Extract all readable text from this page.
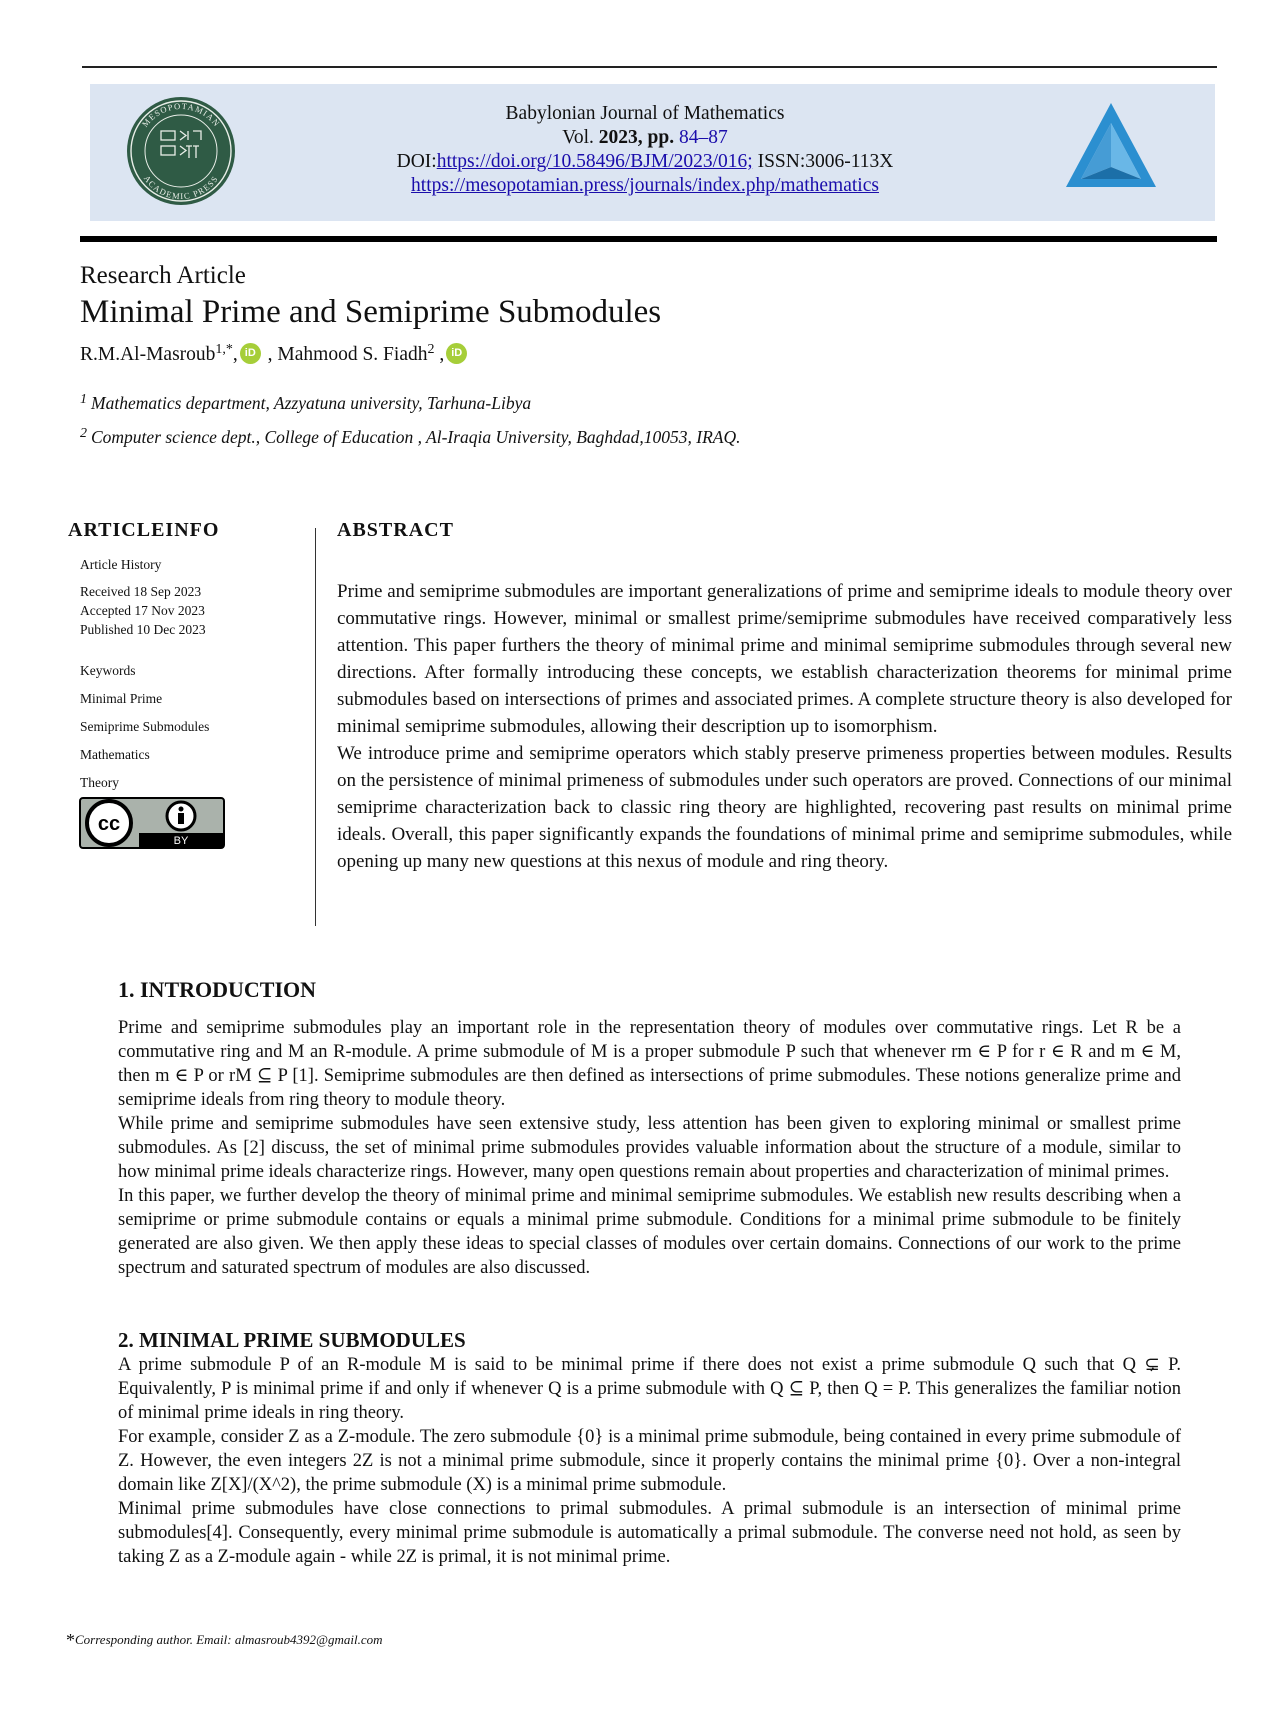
MESOPOTAMIAN
ACADEMIC PRESS
Babylonian Journal of Mathematics
Vol. 2023, pp. 84–87
DOI:https://doi.org/10.58496/BJM/2023/016; ISSN:3006-113X
https://mesopotamian.press/journals/index.php/mathematics
Research Article
Minimal Prime and Semiprime Submodules
R.M.Al-Masroub$^{1,*}$, iD , Mahmood S. Fiadh$^2$ , iD
$^1$ Mathematics department, Azzyatuna university, Tarhuna-Libya
$^2$ Computer science dept., College of Education , Al-Iraqia University, Baghdad,10053, IRAQ.
ARTICLEINFO
Article History
Received 18 Sep 2023
Accepted 17 Nov 2023
Published 10 Dec 2023
Keywords
Minimal Prime
Semiprime Submodules
Mathematics
Theory
cc
BY
ABSTRACT

Prime and semiprime submodules are important generalizations of prime and semiprime ideals to module theory over commutative rings. However, minimal or smallest prime/semiprime submodules have received comparatively less attention. This paper furthers the theory of minimal prime and minimal semiprime submodules through several new directions. After formally introducing these concepts, we establish characterization theorems for minimal prime submodules based on intersections of primes and associated primes. A complete structure theory is also developed for minimal semiprime submodules, allowing their description up to isomorphism.

We introduce prime and semiprime operators which stably preserve primeness properties between modules. Results on the persistence of minimal primeness of submodules under such operators are proved. Connections of our minimal semiprime characterization back to classic ring theory are highlighted, recovering past results on minimal prime ideals. Overall, this paper significantly expands the foundations of minimal prime and semiprime submodules, while opening up many new questions at this nexus of module and ring theory.

1. INTRODUCTION

Prime and semiprime submodules play an important role in the representation theory of modules over commutative rings. Let R be a commutative ring and M an R-module. A prime submodule of M is a proper submodule P such that whenever rm ∈ P for r ∈ R and m ∈ M, then m ∈ P or rM ⊆ P [1]. Semiprime submodules are then defined as intersections of prime submodules. These notions generalize prime and semiprime ideals from ring theory to module theory.

While prime and semiprime submodules have seen extensive study, less attention has been given to exploring minimal or smallest prime submodules. As [2] discuss, the set of minimal prime submodules provides valuable information about the structure of a module, similar to how minimal prime ideals characterize rings. However, many open questions remain about properties and characterization of minimal primes.

In this paper, we further develop the theory of minimal prime and minimal semiprime submodules. We establish new results describing when a semiprime or prime submodule contains or equals a minimal prime submodule. Conditions for a minimal prime submodule to be finitely generated are also given. We then apply these ideas to special classes of modules over certain domains. Connections of our work to the prime spectrum and saturated spectrum of modules are also discussed.

2. MINIMAL PRIME SUBMODULES

A prime submodule P of an R-module M is said to be minimal prime if there does not exist a prime submodule Q such that Q ⊊ P. Equivalently, P is minimal prime if and only if whenever Q is a prime submodule with Q ⊆ P, then Q = P. This generalizes the familiar notion of minimal prime ideals in ring theory.

For example, consider Z as a Z-module. The zero submodule {0} is a minimal prime submodule, being contained in every prime submodule of Z. However, the even integers 2Z is not a minimal prime submodule, since it properly contains the minimal prime {0}. Over a non-integral domain like Z[X]/(X^2), the prime submodule (X) is a minimal prime submodule.

Minimal prime submodules have close connections to primal submodules. A primal submodule is an intersection of minimal prime submodules[4]. Consequently, every minimal prime submodule is automatically a primal submodule. The converse need not hold, as seen by taking Z as a Z-module again - while 2Z is primal, it is not minimal prime.

*Corresponding author. Email: almasroub4392@gmail.com
